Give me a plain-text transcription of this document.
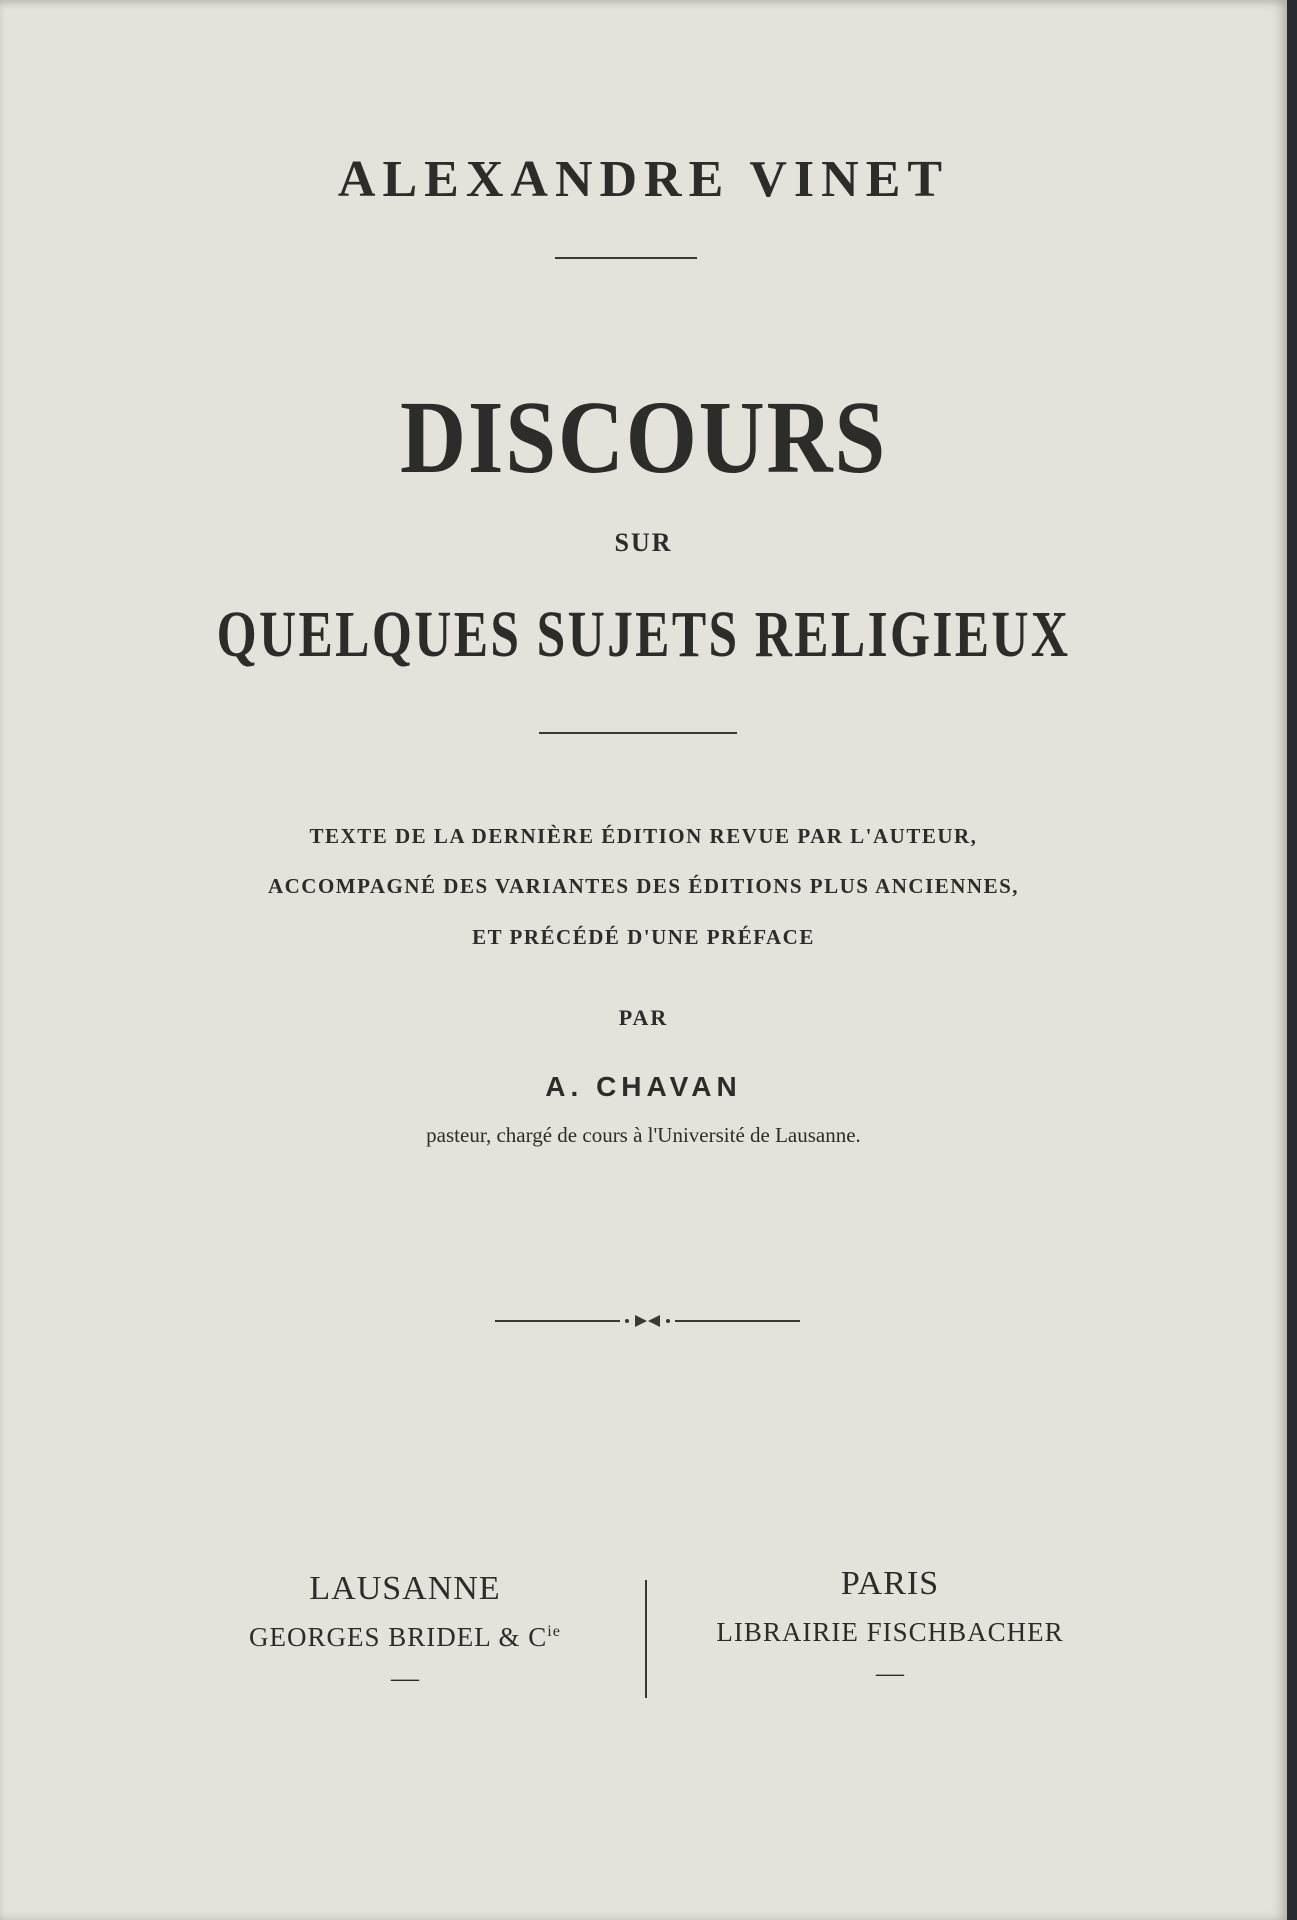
ALEXANDRE VINET
DISCOURS
SUR
QUELQUES SUJETS RELIGIEUX
TEXTE DE LA DERNIÈRE ÉDITION REVUE PAR L'AUTEUR,
ACCOMPAGNÉ DES VARIANTES DES ÉDITIONS PLUS ANCIENNES,
ET PRÉCÉDÉ D'UNE PRÉFACE
PAR
A. CHAVAN
pasteur, chargé de cours à l'Université de Lausanne.
LAUSANNE
GEORGES BRIDEL & $C^{ie}$
—
PARIS
LIBRAIRIE FISCHBACHER
—
